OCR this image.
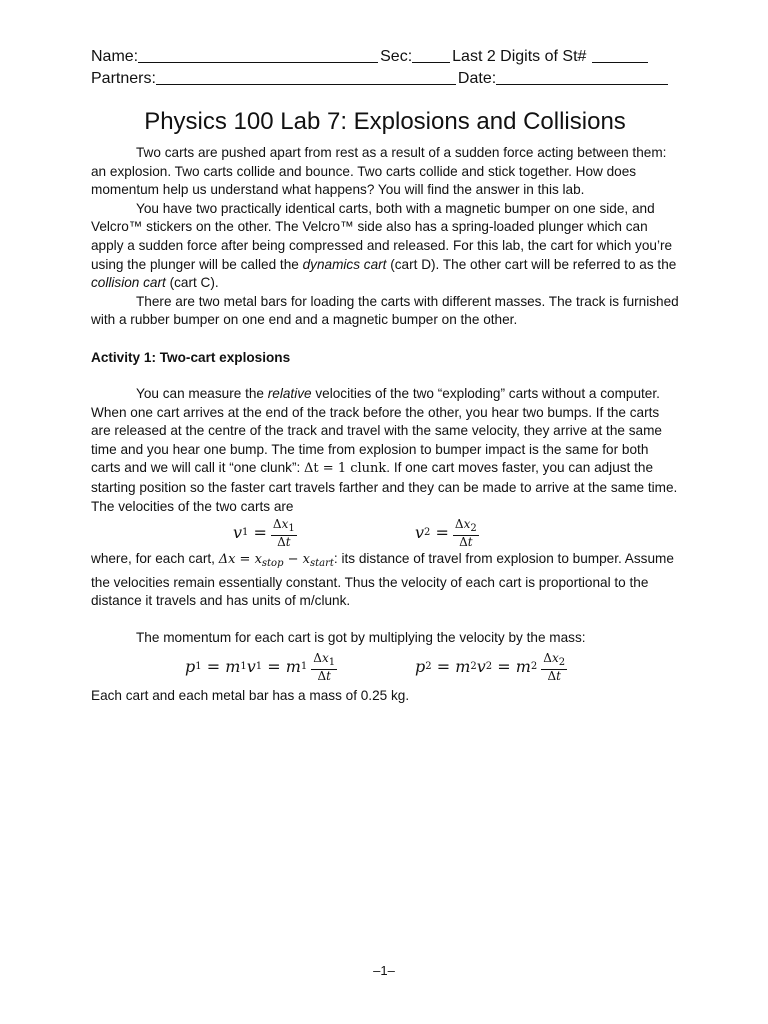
Name:	Sec:	Last 2 Digits of St#
Partners:	Date:
Physics 100 Lab 7: Explosions and Collisions

Two carts are pushed apart from rest as a result of a sudden force acting between them: an explosion. Two carts collide and bounce. Two carts collide and stick together. How does momentum help us understand what happens? You will find the answer in this lab.

You have two practically identical carts, both with a magnetic bumper on one side, and Velcro™ stickers on the other. The Velcro™ side also has a spring-loaded plunger which can apply a sudden force after being compressed and released. For this lab, the cart for which you’re using the plunger will be called the dynamics cart (cart D). The other cart will be referred to as the collision cart (cart C).

There are two metal bars for loading the carts with different masses. The track is furnished with a rubber bumper on one end and a magnetic bumper on the other.

Activity 1: Two-cart explosions

You can measure the relative velocities of the two “exploding” carts without a computer. When one cart arrives at the end of the track before the other, you hear two bumps. If the carts are released at the centre of the track and travel with the same velocity, they arrive at the same time and you hear one bump. The time from explosion to bumper impact is the same for both carts and we will call it “one clunk”: Δt = 1 clunk. If one cart moves faster, you can adjust the starting position so the faster cart travels farther and they can be made to arrive at the same time. The velocities of the two carts are

v $1 = \frac{\Delta x_1}{\Delta t}$	v $2 = \frac{\Delta x_2}{\Delta t}$

where, for each cart, $\Delta x = x_{stop} - x_{start}$: its distance of travel from explosion to bumper. Assume the velocities remain essentially constant. Thus the velocity of each cart is proportional to the distance it travels and has units of m/clunk.

The momentum for each cart is got by multiplying the velocity by the mass:

p 1 = m 1 v 1 = m $1 \frac{\Delta x_1}{\Delta t}$	p 2 = m 2 v 2 = m $2 \frac{\Delta x_2}{\Delta t}$

Each cart and each metal bar has a mass of 0.25 kg.

–1–
